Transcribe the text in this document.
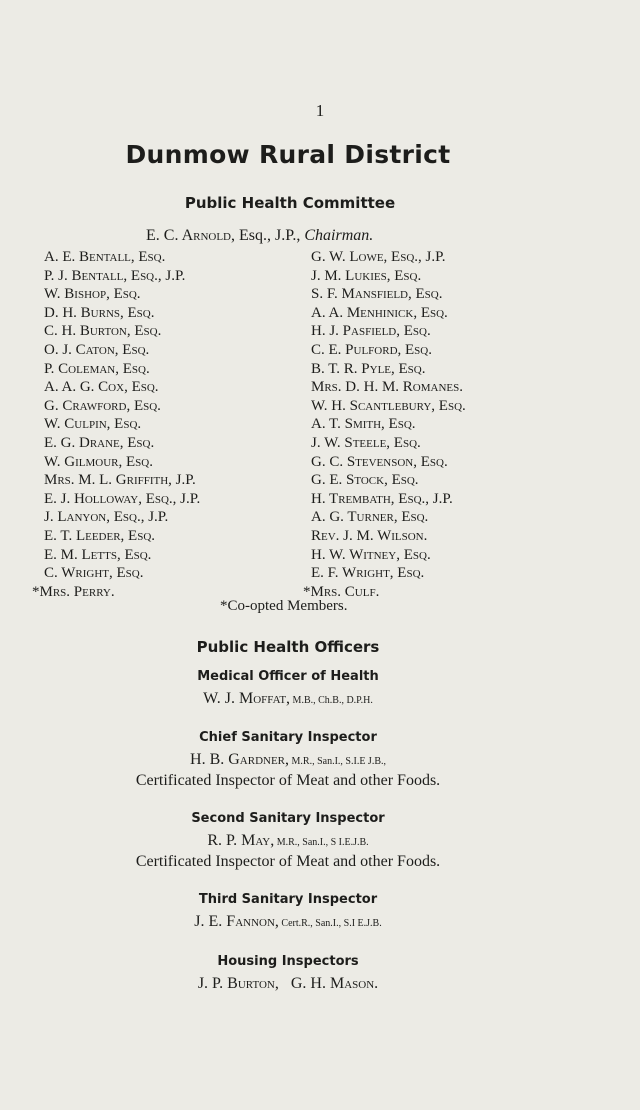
1
Dunmow Rural District
Public Health Committee
E. C. Arnold, Esq., J.P., Chairman.
A. E. Bentall, Esq.
P. J. Bentall, Esq., J.P.
W. Bishop, Esq.
D. H. Burns, Esq.
C. H. Burton, Esq.
O. J. Caton, Esq.
P. Coleman, Esq.
A. A. G. Cox, Esq.
G. Crawford, Esq.
W. Culpin, Esq.
E. G. Drane, Esq.
W. Gilmour, Esq.
Mrs. M. L. Griffith, J.P.
E. J. Holloway, Esq., J.P.
J. Lanyon, Esq., J.P.
E. T. Leeder, Esq.
E. M. Letts, Esq.
C. Wright, Esq.
*Mrs. Perry.
G. W. Lowe, Esq., J.P.
J. M. Lukies, Esq.
S. F. Mansfield, Esq.
A. A. Menhinick, Esq.
H. J. Pasfield, Esq.
C. E. Pulford, Esq.
B. T. R. Pyle, Esq.
Mrs. D. H. M. Romanes.
W. H. Scantlebury, Esq.
A. T. Smith, Esq.
J. W. Steele, Esq.
G. C. Stevenson, Esq.
G. E. Stock, Esq.
H. Trembath, Esq., J.P.
A. G. Turner, Esq.
Rev. J. M. Wilson.
H. W. Witney, Esq.
E. F. Wright, Esq.
*Mrs. Culf.
*Co-opted Members.
Public Health Officers
Medical Officer of Health
W. J. Moffat, M.B., Ch.B., D.P.H.
Chief Sanitary Inspector
H. B. Gardner, M.R., San.I., S.I.E J.B.,
Certificated Inspector of Meat and other Foods.
Second Sanitary Inspector
R. P. May, M.R., San.I., S I.E.J.B.
Certificated Inspector of Meat and other Foods.
Third Sanitary Inspector
J. E. Fannon, Cert.R., San.I., S.I E.J.B.
Housing Inspectors
J. P. Burton,   G. H. Mason.
